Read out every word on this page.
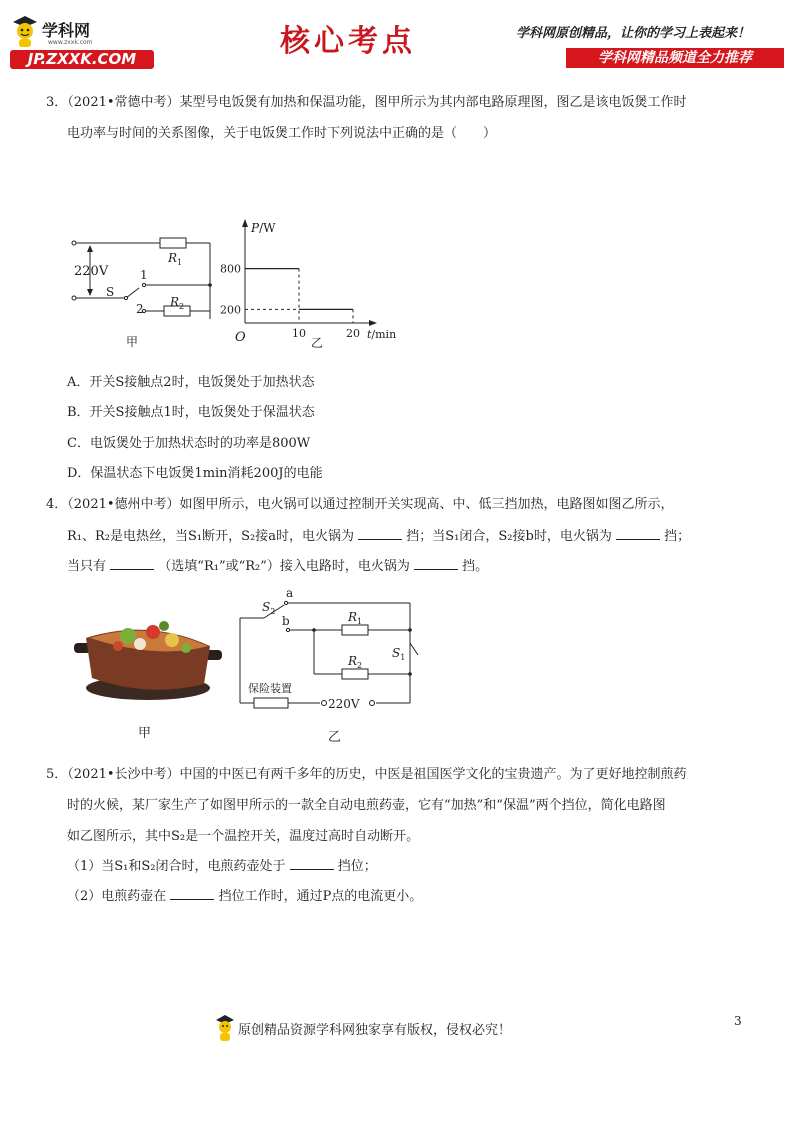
学科网
www.zxxk.com
JP.ZXXK.COM	核心考点	学科网原创精品，让你的学习上表起来！
学科网精品频道全力推荐
3．（2021•常德中考）某型号电饭煲有加热和保温功能，图甲所示为其内部电路原理图，图乙是该电饭煲工作时
电功率与时间的关系图像，关于电饭煲工作时下列说法中正确的是（　　）
220V
S
1
2
$R_1$
$R_2$
甲
800
200
10	20
P/W
O	t/min
乙
A．开关S接触点2时，电饭煲处于加热状态
B．开关S接触点1时，电饭煲处于保温状态
C．电饭煲处于加热状态时的功率是800W
D．保温状态下电饭煲1min消耗200J的电能
4．（2021•德州中考）如图甲所示，电火锅可以通过控制开关实现高、中、低三挡加热，电路图如图乙所示，
R₁、R₂是电热丝，当S₁断开，S₂接a时，电火锅为	挡；当S₁闭合，S₂接b时，电火锅为	挡；
当只有	（选填“R₁”或“R₂”）接入电路时，电火锅为	挡。
甲
$S_2$
a
b	$R_1$
$R_2$
$S_1$
保险装置
220V
乙
5．（2021•长沙中考）中国的中医已有两千多年的历史，中医是祖国医学文化的宝贵遗产。为了更好地控制煎药
时的火候，某厂家生产了如图甲所示的一款全自动电煎药壶，它有“加热”和“保温”两个挡位，简化电路图
如乙图所示，其中S₂是一个温控开关，温度过高时自动断开。
（1）当S₁和S₂闭合时，电煎药壶处于	挡位；
（2）电煎药壶在	挡位工作时，通过P点的电流更小。
原创精品资源学科网独家享有版权，侵权必究！
3
